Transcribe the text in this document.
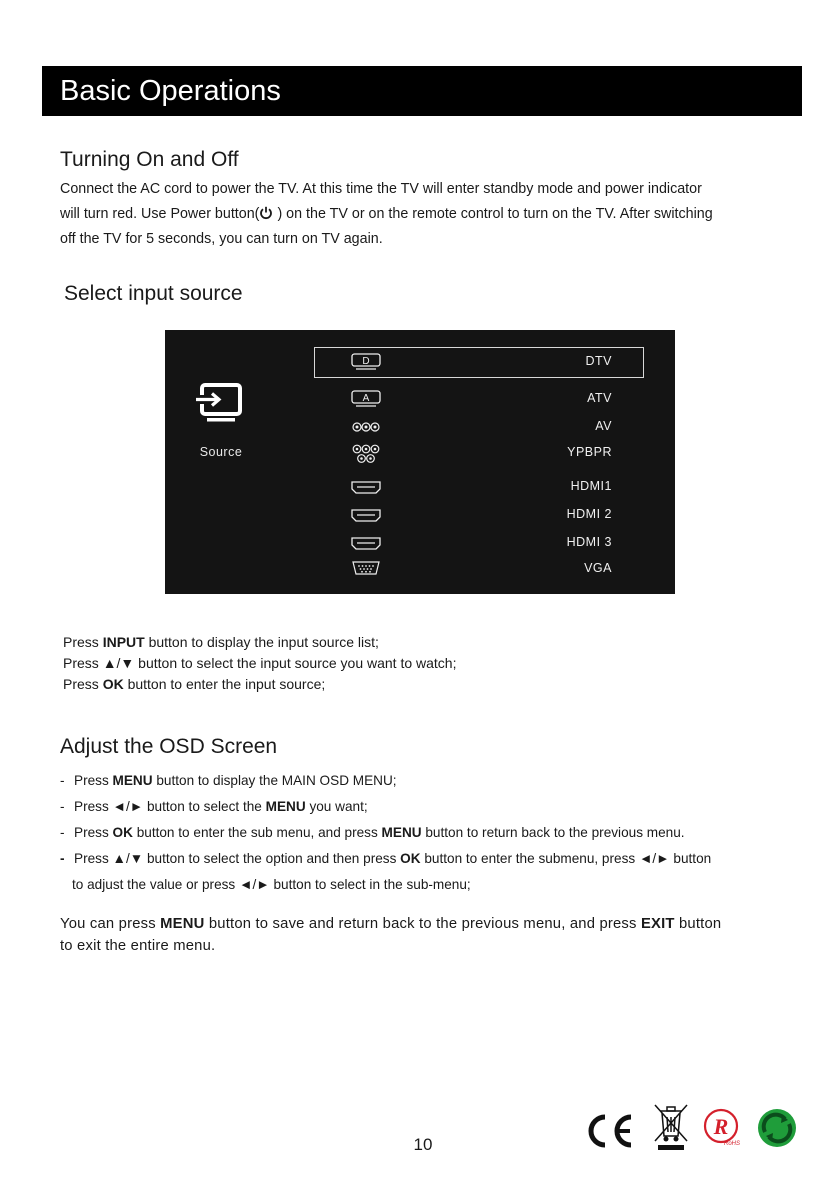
Basic Operations
Turning On and Off

Connect the AC cord to power the TV. At this time the TV will enter standby mode and power indicator

will turn red. Use Power button( ) on the TV or on the remote control to turn on the TV. After switching

off the TV for 5 seconds, you can turn on TV again.

Select input source
Source
D	DTV
A	ATV
AV
YPBPR
HDMI1
HDMI 2
HDMI 3
VGA

Press INPUT button to display the input source list;

Press ▲/▼ button to select the input source you want to watch;

Press OK button to enter the input source;

Adjust the OSD Screen
- Press MENU button to display the MAIN OSD MENU;
- Press ◄/► button to select the MENU you want;
- Press OK button to enter the sub menu, and press MENU button to return back to the previous menu.
- Press ▲/▼ button to select the option and then press OK button to enter the submenu, press ◄/► button
to adjust the value or press ◄/► button to select in the sub-menu;

You can press MENU button to save and return back to the previous menu, and press EXIT button

to exit the entire menu.

10
R
RoHS
